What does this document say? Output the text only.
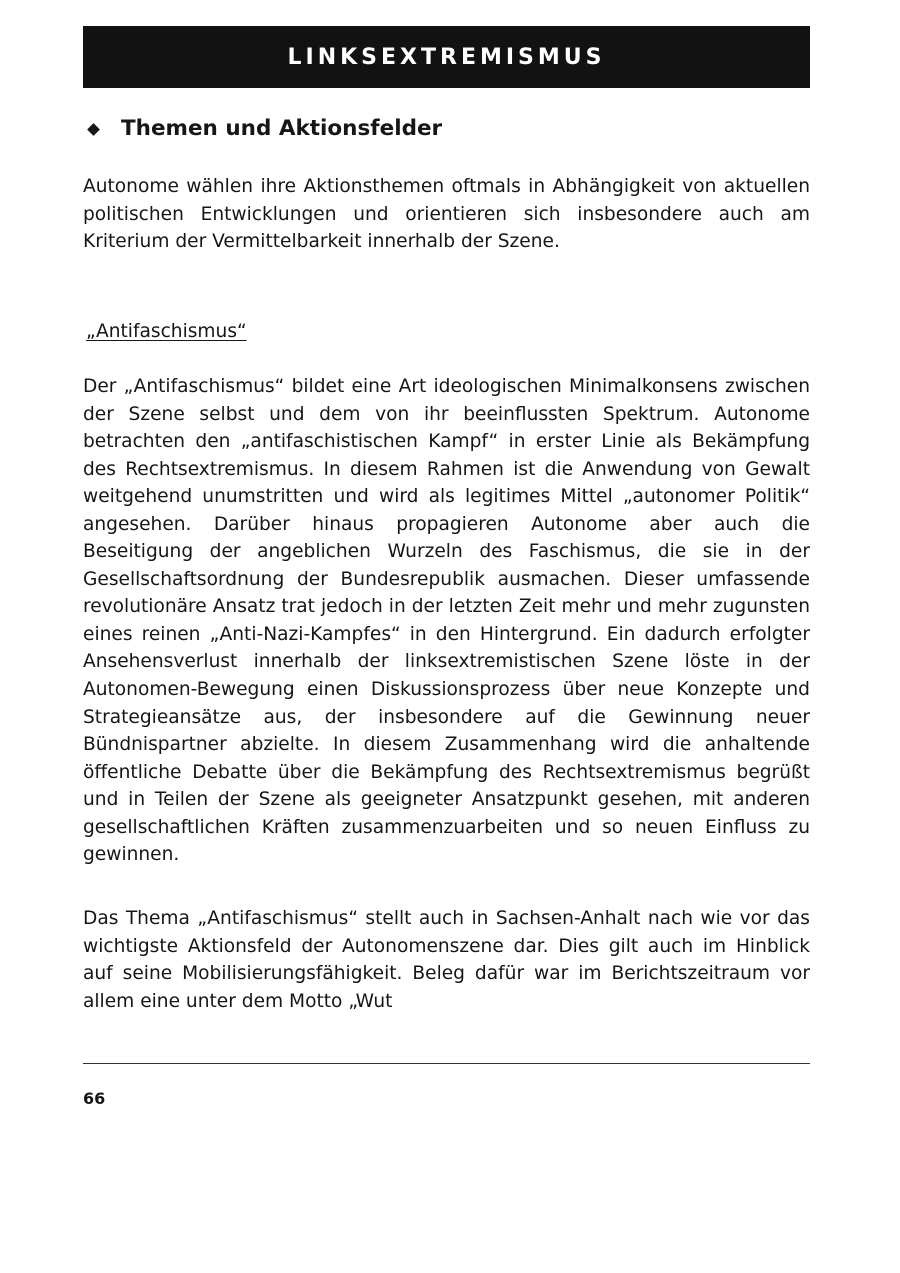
LINKSEXTREMISMUS
Themen und Aktionsfelder

Autonome wählen ihre Aktionsthemen oftmals in Abhängigkeit von aktuellen politischen Entwicklungen und orientieren sich insbesondere auch am Kriterium der Vermittelbarkeit innerhalb der Szene.

„Antifaschismus“

Der „Antifaschismus“ bildet eine Art ideologischen Minimalkonsens zwischen der Szene selbst und dem von ihr beeinflussten Spektrum. Autonome betrachten den „antifaschistischen Kampf“ in erster Linie als Bekämpfung des Rechtsextremismus. In diesem Rahmen ist die Anwendung von Gewalt weitgehend unumstritten und wird als legitimes Mittel „autonomer Politik“ angesehen. Darüber hinaus propagieren Autonome aber auch die Beseitigung der angeblichen Wurzeln des Faschismus, die sie in der Gesellschaftsordnung der Bundesrepublik ausmachen. Dieser umfassende revolutionäre Ansatz trat jedoch in der letzten Zeit mehr und mehr zugunsten eines reinen „Anti-Nazi-Kampfes“ in den Hintergrund. Ein dadurch erfolgter Ansehensverlust innerhalb der linksextremistischen Szene löste in der Autonomen-Bewegung einen Diskussionsprozess über neue Konzepte und Strategieansätze aus, der insbesondere auf die Gewinnung neuer Bündnispartner abzielte. In diesem Zusammenhang wird die anhaltende öffentliche Debatte über die Bekämpfung des Rechtsextremismus begrüßt und in Teilen der Szene als geeigneter Ansatzpunkt gesehen, mit anderen gesellschaftlichen Kräften zusammenzuarbeiten und so neuen Einfluss zu gewinnen.

Das Thema „Antifaschismus“ stellt auch in Sachsen-Anhalt nach wie vor das wichtigste Aktionsfeld der Autonomenszene dar. Dies gilt auch im Hinblick auf seine Mobilisierungsfähigkeit. Beleg dafür war im Berichtszeitraum vor allem eine unter dem Motto „Wut

66
